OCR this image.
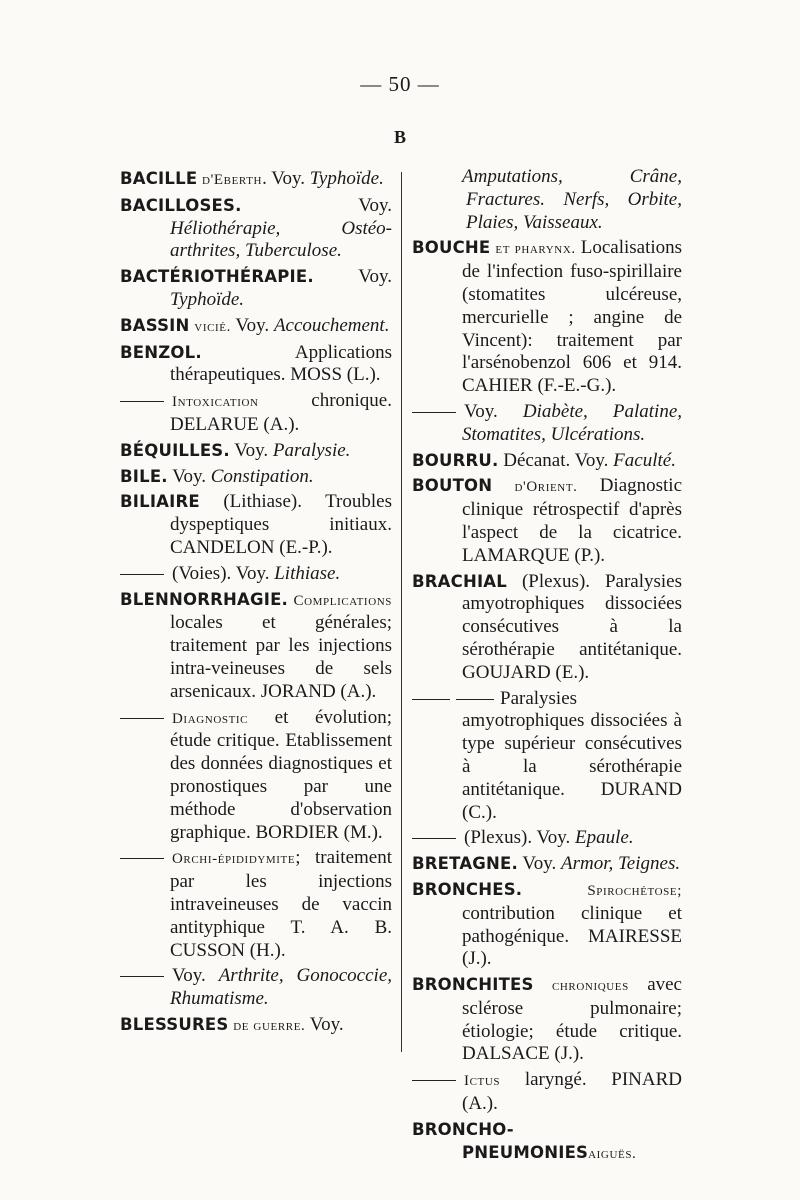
— 50 —
B

BACILLE d'Eberth. Voy. Typhoïde.

BACILLOSES.	Voy. Héliothérapie, Ostéo-arthrites, Tuberculose.

BACTÉRIOTHÉRAPIE. Voy. Typhoïde.

BASSIN vicié. Voy. Accouchement.

BENZOL.	Applications thérapeutiques. MOSS (L.).

Intoxication	chronique. DELARUE (A.).

BÉQUILLES. Voy. Paralysie.

BILE. Voy. Constipation.

BILIAIRE (Lithiase). Troubles dyspeptiques initiaux. CANDELON (E.-P.).

(Voies). Voy. Lithiase.

BLENNORRHAGIE. Complications locales et générales; traitement par les injections intra-veineuses de sels arsenicaux. JORAND (A.).

Diagnostic et évolution; étude critique. Etablissement des données diagnostiques et pronostiques par une méthode d'observation graphique. BORDIER (M.).

Orchi-épididymite; traitement par les injections intraveineuses de vaccin antityphique T. A. B. CUSSON (H.).

Voy. Arthrite, Gonococcie, Rhumatisme.

BLESSURES de guerre. Voy.

Amputations, Crâne, Fractures. Nerfs, Orbite, Plaies, Vaisseaux.

BOUCHE et pharynx. Localisations de l'infection fuso-spirillaire (stomatites ulcéreuse, mercurielle ; angine de Vincent): traitement par l'arsénobenzol 606 et 914. CAHIER (F.-E.-G.).

Voy. Diabète, Palatine, Stomatites, Ulcérations.

BOURRU. Décanat. Voy. Faculté.

BOUTON d'Orient. Diagnostic clinique rétrospectif d'après l'aspect de la cicatrice. LAMARQUE (P.).

BRACHIAL (Plexus). Paralysies amyotrophiques dissociées consécutives à la sérothérapie antitétanique. GOUJARD (E.).

Paralysies amyotrophiques dissociées à type supérieur consécutives à la sérothérapie antitétanique. DURAND (C.).

(Plexus). Voy. Epaule.

BRETAGNE. Voy. Armor, Teignes.

BRONCHES.	Spirochétose; contribution clinique et pathogénique. MAIRESSE (J.).

BRONCHITES chroniques avec sclérose pulmonaire; étiologie; étude critique. DALSACE (J.).

Ictus laryngé. PINARD (A.).

BRONCHO-PNEUMONIESaiguës.
